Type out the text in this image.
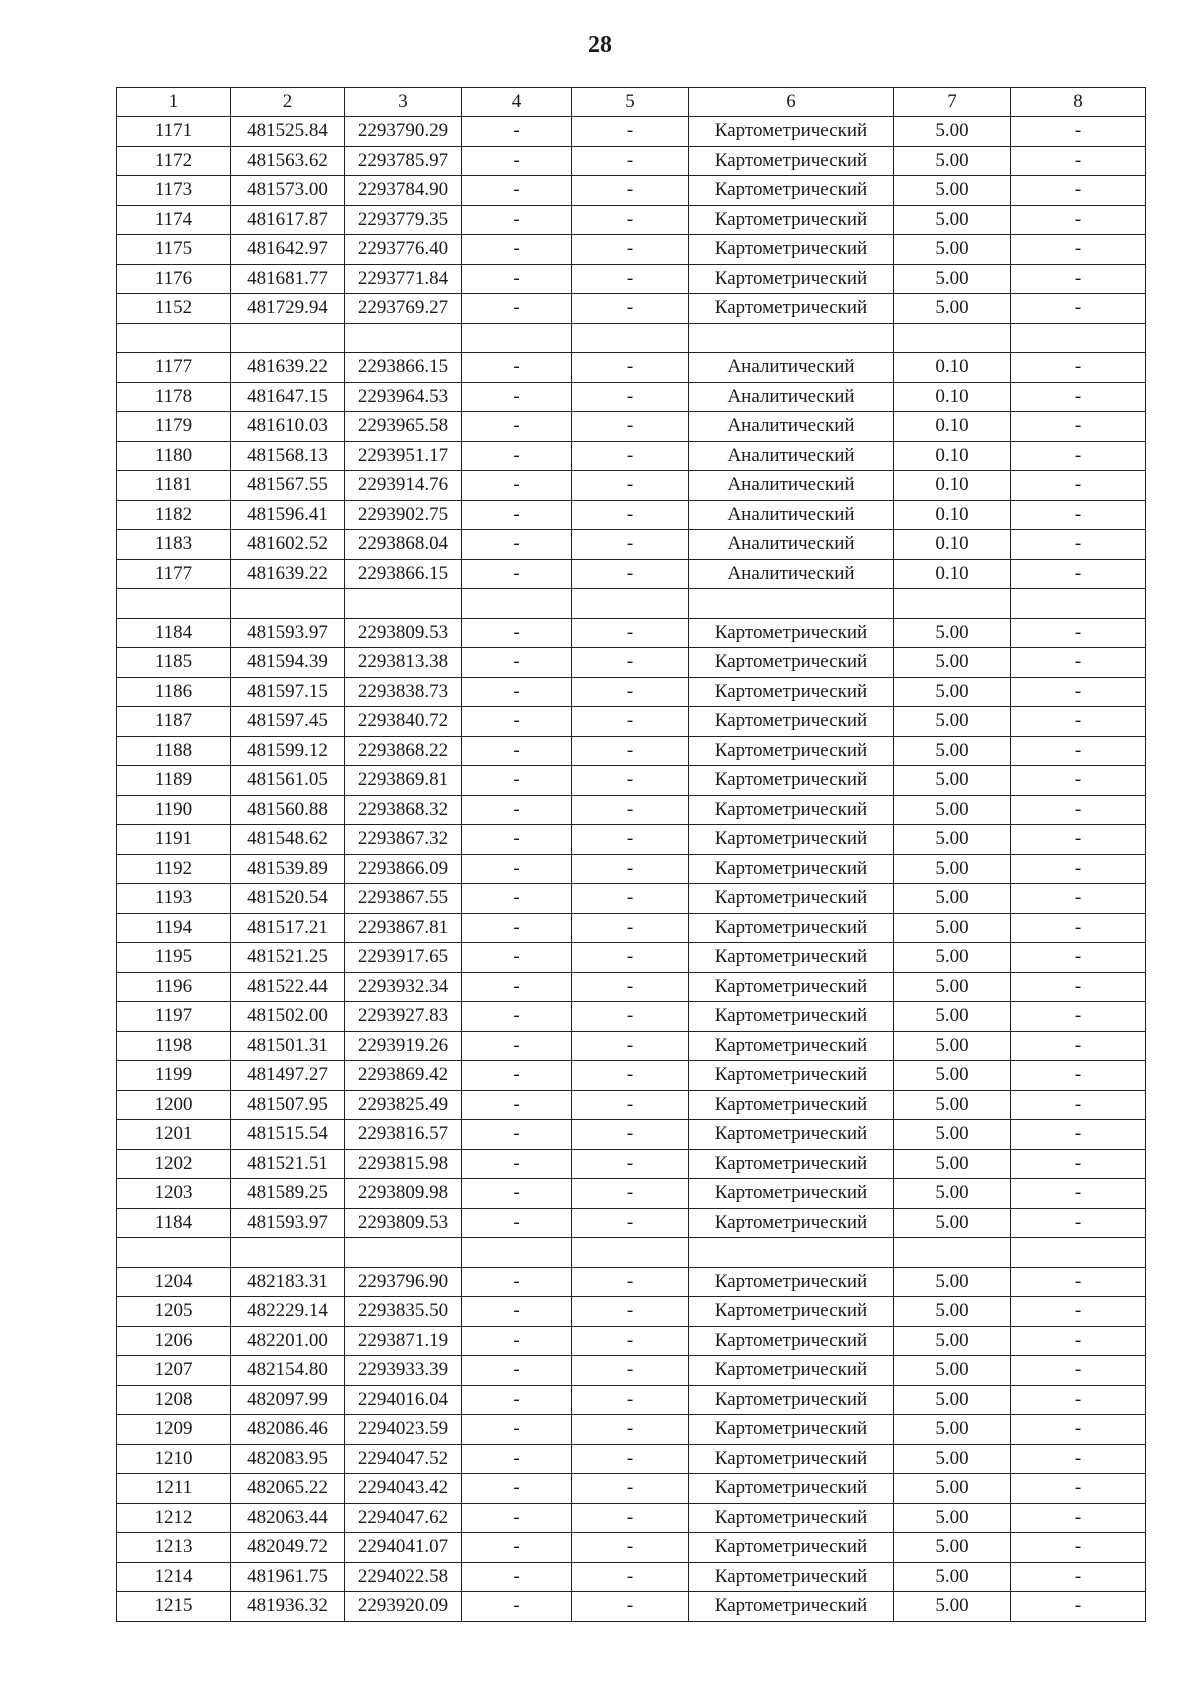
28
1	2	3	4	5	6	7	8
1171	481525.84	2293790.29	-	-	Картометрический	5.00	-
1172	481563.62	2293785.97	-	-	Картометрический	5.00	-
1173	481573.00	2293784.90	-	-	Картометрический	5.00	-
1174	481617.87	2293779.35	-	-	Картометрический	5.00	-
1175	481642.97	2293776.40	-	-	Картометрический	5.00	-
1176	481681.77	2293771.84	-	-	Картометрический	5.00	-
1152	481729.94	2293769.27	-	-	Картометрический	5.00	-

1177	481639.22	2293866.15	-	-	Аналитический	0.10	-
1178	481647.15	2293964.53	-	-	Аналитический	0.10	-
1179	481610.03	2293965.58	-	-	Аналитический	0.10	-
1180	481568.13	2293951.17	-	-	Аналитический	0.10	-
1181	481567.55	2293914.76	-	-	Аналитический	0.10	-
1182	481596.41	2293902.75	-	-	Аналитический	0.10	-
1183	481602.52	2293868.04	-	-	Аналитический	0.10	-
1177	481639.22	2293866.15	-	-	Аналитический	0.10	-

1184	481593.97	2293809.53	-	-	Картометрический	5.00	-
1185	481594.39	2293813.38	-	-	Картометрический	5.00	-
1186	481597.15	2293838.73	-	-	Картометрический	5.00	-
1187	481597.45	2293840.72	-	-	Картометрический	5.00	-
1188	481599.12	2293868.22	-	-	Картометрический	5.00	-
1189	481561.05	2293869.81	-	-	Картометрический	5.00	-
1190	481560.88	2293868.32	-	-	Картометрический	5.00	-
1191	481548.62	2293867.32	-	-	Картометрический	5.00	-
1192	481539.89	2293866.09	-	-	Картометрический	5.00	-
1193	481520.54	2293867.55	-	-	Картометрический	5.00	-
1194	481517.21	2293867.81	-	-	Картометрический	5.00	-
1195	481521.25	2293917.65	-	-	Картометрический	5.00	-
1196	481522.44	2293932.34	-	-	Картометрический	5.00	-
1197	481502.00	2293927.83	-	-	Картометрический	5.00	-
1198	481501.31	2293919.26	-	-	Картометрический	5.00	-
1199	481497.27	2293869.42	-	-	Картометрический	5.00	-
1200	481507.95	2293825.49	-	-	Картометрический	5.00	-
1201	481515.54	2293816.57	-	-	Картометрический	5.00	-
1202	481521.51	2293815.98	-	-	Картометрический	5.00	-
1203	481589.25	2293809.98	-	-	Картометрический	5.00	-
1184	481593.97	2293809.53	-	-	Картометрический	5.00	-

1204	482183.31	2293796.90	-	-	Картометрический	5.00	-
1205	482229.14	2293835.50	-	-	Картометрический	5.00	-
1206	482201.00	2293871.19	-	-	Картометрический	5.00	-
1207	482154.80	2293933.39	-	-	Картометрический	5.00	-
1208	482097.99	2294016.04	-	-	Картометрический	5.00	-
1209	482086.46	2294023.59	-	-	Картометрический	5.00	-
1210	482083.95	2294047.52	-	-	Картометрический	5.00	-
1211	482065.22	2294043.42	-	-	Картометрический	5.00	-
1212	482063.44	2294047.62	-	-	Картометрический	5.00	-
1213	482049.72	2294041.07	-	-	Картометрический	5.00	-
1214	481961.75	2294022.58	-	-	Картометрический	5.00	-
1215	481936.32	2293920.09	-	-	Картометрический	5.00	-
